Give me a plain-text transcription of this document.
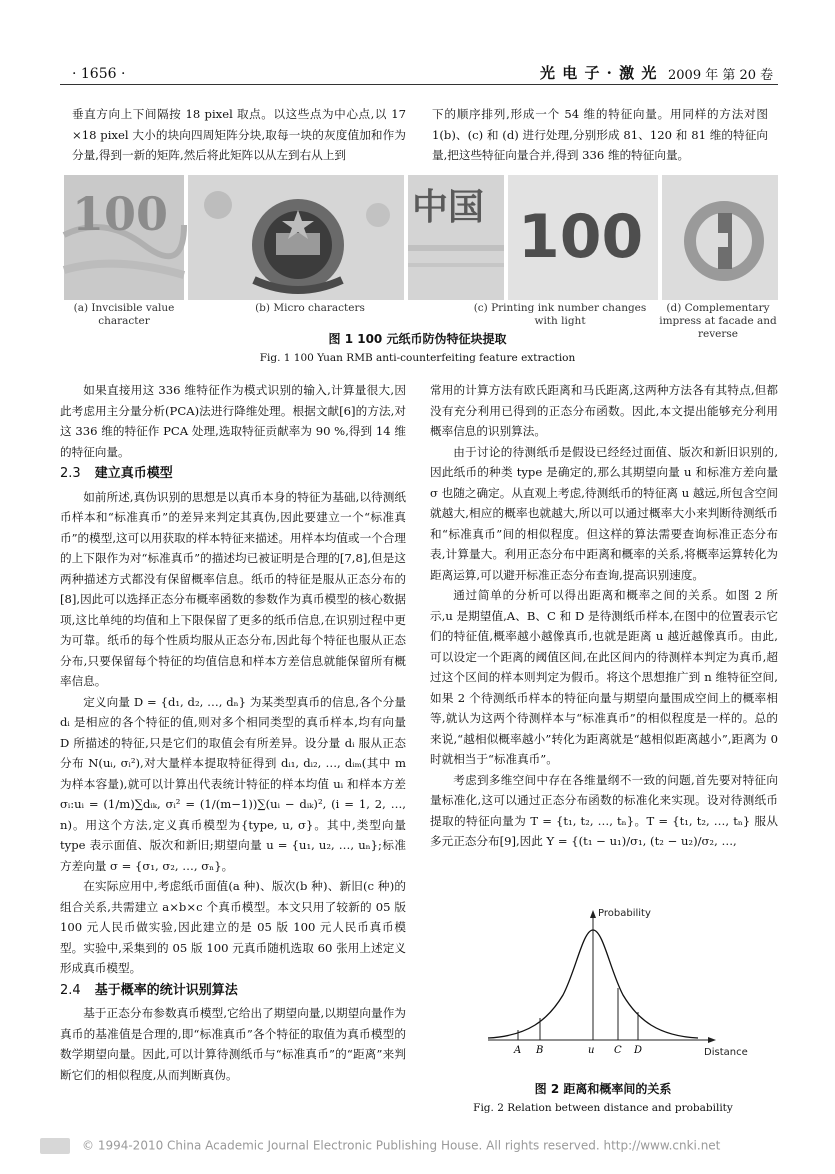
· 1656 ·	光 电 子 · 激 光 2009 年 第 20 卷

垂直方向上下间隔按 18 pixel 取点。以这些点为中心点,以 17 ×18 pixel 大小的块向四周矩阵分块,取每一块的灰度值加和作为分量,得到一新的矩阵,然后将此矩阵以从左到右从上到

下的顺序排列,形成一个 54 维的特征向量。用同样的方法对图 1(b)、(c) 和 (d) 进行处理,分别形成 81、120 和 81 维的特征向量,把这些特征向量合并,得到 336 维的特征向量。

100	中国 100
(a) Invcisible value character
(b) Micro characters	(c) Printing ink number changes with light
(d) Complementary impress at facade and reverse
图 1 100 元纸币防伪特征块提取
Fig. 1 100 Yuan RMB anti-counterfeiting feature extraction

如果直接用这 336 维特征作为模式识别的输入,计算量很大,因此考虑用主分量分析(PCA)法进行降维处理。根据文献[6]的方法,对这 336 维的特征作 PCA 处理,选取特征贡献率为 90 %,得到 14 维的特征向量。

2.3 建立真币模型

如前所述,真伪识别的思想是以真币本身的特征为基础,以待测纸币样本和“标准真币”的差异来判定其真伪,因此要建立一个“标准真币”的模型,这可以用获取的样本特征来描述。用样本均值或一个合理的上下限作为对“标准真币”的描述均已被证明是合理的[7,8],但是这两种描述方式都没有保留概率信息。纸币的特征是服从正态分布的[8],因此可以选择正态分布概率函数的参数作为真币模型的核心数据项,这比单纯的均值和上下限保留了更多的纸币信息,在识别过程中更为可靠。纸币的每个性质均服从正态分布,因此每个特征也服从正态分布,只要保留每个特征的均值信息和样本方差信息就能保留所有概率信息。

定义向量 D = {d₁, d₂, …, dₙ} 为某类型真币的信息,各个分量 dᵢ 是相应的各个特征的值,则对多个相同类型的真币样本,均有向量 D 所描述的特征,只是它们的取值会有所差异。设分量 dᵢ 服从正态分布 N(uᵢ, σᵢ²),对大量样本提取特征得到 dᵢ₁, dᵢ₂, …, dᵢₘ(其中 m 为样本容量),就可以计算出代表统计特征的样本均值 uᵢ 和样本方差 σᵢ:uᵢ = (1/m)∑dᵢₖ, σᵢ² = (1/(m−1))∑(uᵢ − dᵢₖ)², (i = 1, 2, …, n)。用这个方法,定义真币模型为{type, u, σ}。其中,类型向量 type 表示面值、版次和新旧;期望向量 u = {u₁, u₂, …, uₙ};标准方差向量 σ = {σ₁, σ₂, …, σₙ}。

在实际应用中,考虑纸币面值(a 种)、版次(b 种)、新旧(c 种)的组合关系,共需建立 a×b×c 个真币模型。本文只用了较新的 05 版 100 元人民币做实验,因此建立的是 05 版 100 元人民币真币模型。实验中,采集到的 05 版 100 元真币随机选取 60 张用上述定义形成真币模型。

2.4 基于概率的统计识别算法

基于正态分布参数真币模型,它给出了期望向量,以期望向量作为真币的基准值是合理的,即“标准真币”各个特征的取值为真币模型的数学期望向量。因此,可以计算待测纸币与“标准真币”的“距离”来判断它们的相似程度,从而判断真伪。

常用的计算方法有欧氏距离和马氏距离,这两种方法各有其特点,但都没有充分利用已得到的正态分布函数。因此,本文提出能够充分利用概率信息的识别算法。

由于讨论的待测纸币是假设已经经过面值、版次和新旧识别的,因此纸币的种类 type 是确定的,那么其期望向量 u 和标准方差向量 σ 也随之确定。从直观上考虑,待测纸币的特征离 u 越远,所包含空间就越大,相应的概率也就越大,所以可以通过概率大小来判断待测纸币和“标准真币”间的相似程度。但这样的算法需要查询标准正态分布表,计算量大。利用正态分布中距离和概率的关系,将概率运算转化为距离运算,可以避开标准正态分布查询,提高识别速度。

通过简单的分析可以得出距离和概率之间的关系。如图 2 所示,u 是期望值,A、B、C 和 D 是待测纸币样本,在图中的位置表示它们的特征值,概率越小越像真币,也就是距离 u 越近越像真币。由此,可以设定一个距离的阈值区间,在此区间内的待测样本判定为真币,超过这个区间的样本则判定为假币。将这个思想推广到 n 维特征空间,如果 2 个待测纸币样本的特征向量与期望向量围成空间上的概率相等,就认为这两个待测样本与“标准真币”的相似程度是一样的。总的来说,“越相似概率越小”转化为距离就是“越相似距离越小”,距离为 0 时就相当于“标准真币”。

考虑到多维空间中存在各维量纲不一致的问题,首先要对特征向量标准化,这可以通过正态分布函数的标准化来实现。设对待测纸币提取的特征向量为 T = {t₁, t₂, …, tₙ}。T = {t₁, t₂, …, tₙ} 服从多元正态分布[9],因此 Y = {(t₁ − u₁)/σ₁, (t₂ − u₂)/σ₂, …,

Probability
Distance
A B	u C D
图 2 距离和概率间的关系
Fig. 2 Relation between distance and probability
© 1994-2010 China Academic Journal Electronic Publishing House. All rights reserved. http://www.cnki.net
